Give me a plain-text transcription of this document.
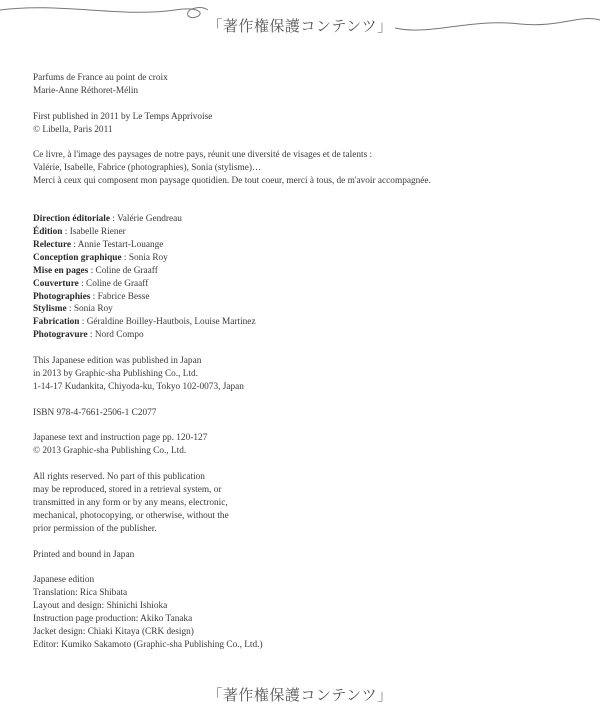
「著作権保護コンテンツ」
Parfums de France au point de croix
Marie-Anne Réthoret-Mélin
First published in 2011 by Le Temps Apprivoise
© Libella, Paris 2011
Ce livre, à l'image des paysages de notre pays, réunit une diversité de visages et de talents :
Valérie, Isabelle, Fabrice (photographies), Sonia (stylisme)…
Merci à ceux qui composent mon paysage quotidien. De tout coeur, merci à tous, de m'avoir accompagnée.
Direction éditoriale : Valérie Gendreau
Édition : Isabelle Riener
Relecture : Annie Testart-Louange
Conception graphique : Sonia Roy
Mise en pages : Coline de Graaff
Couverture : Coline de Graaff
Photographies : Fabrice Besse
Stylisme : Sonia Roy
Fabrication : Géraldine Boilley-Hautbois, Louise Martinez
Photogravure : Nord Compo
This Japanese edition was published in Japan
in 2013 by Graphic-sha Publishing Co., Ltd.
1-14-17 Kudankita, Chiyoda-ku, Tokyo 102-0073, Japan
ISBN 978-4-7661-2506-1 C2077
Japanese text and instruction page pp. 120-127
© 2013 Graphic-sha Publishing Co., Ltd.
All rights reserved. No part of this publication
may be reproduced, stored in a retrieval system, or
transmitted in any form or by any means, electronic,
mechanical, photocopying, or otherwise, without the
prior permission of the publisher.
Printed and bound in Japan
Japanese edition
Translation: Rica Shibata
Layout and design: Shinichi Ishioka
Instruction page production: Akiko Tanaka
Jacket design: Chiaki Kitaya (CRK design)
Editor: Kumiko Sakamoto (Graphic-sha Publishing Co., Ltd.)
「著作権保護コンテンツ」
